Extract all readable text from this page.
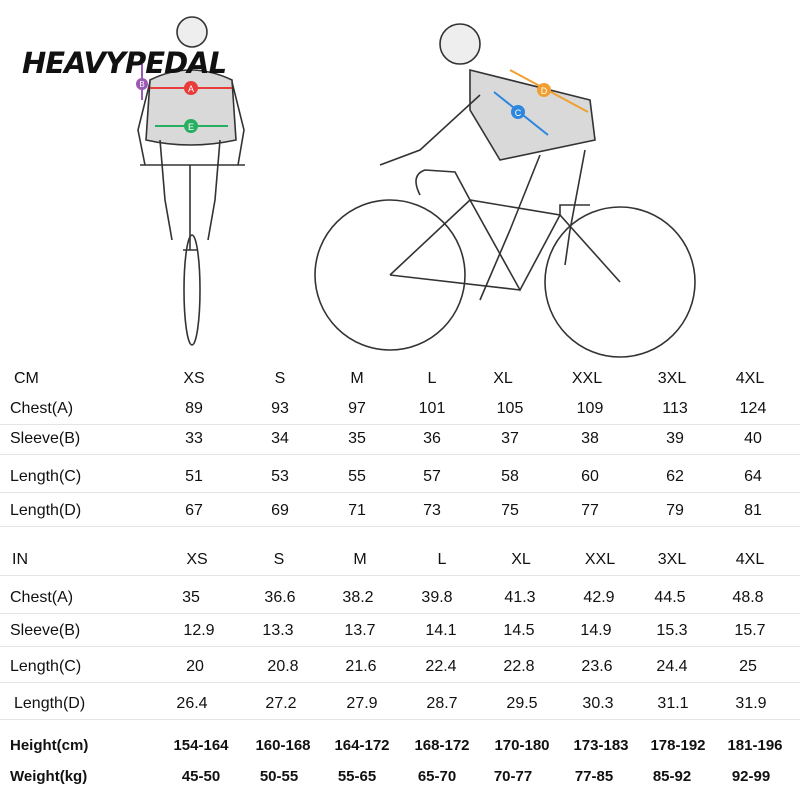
A
B
E
D
C
HEAVYPEDAL
CM	XS	S	M	L	XL	XXL	3XL	4XL
Chest(A)	89	93	97	101	105	109	113	124
Sleeve(B)	33	34	35	36	37	38	39	40
Length(C)	51	53	55	57	58	60	62	64
Length(D)	67	69	71	73	75	77	79	81
IN	XS	S	M	L	XL	XXL	3XL	4XL
Chest(A)	35	36.6	38.2	39.8	41.3	42.9 44.5	48.8
Sleeve(B)	12.9	13.3	13.7	14.1	14.5	14.9	15.3	15.7
Length(C)	20	20.8	21.6	22.4	22.8	23.6	24.4	25
Length(D)	26.4	27.2	27.9	28.7	29.5	30.3	31.1	31.9
Height(cm)	154-164 160-168 164-172 168-172 170-180 173-183 178-192 181-196
Weight(kg)	45-50	50-55	55-65	65-70	70-77	77-85	85-92	92-99
